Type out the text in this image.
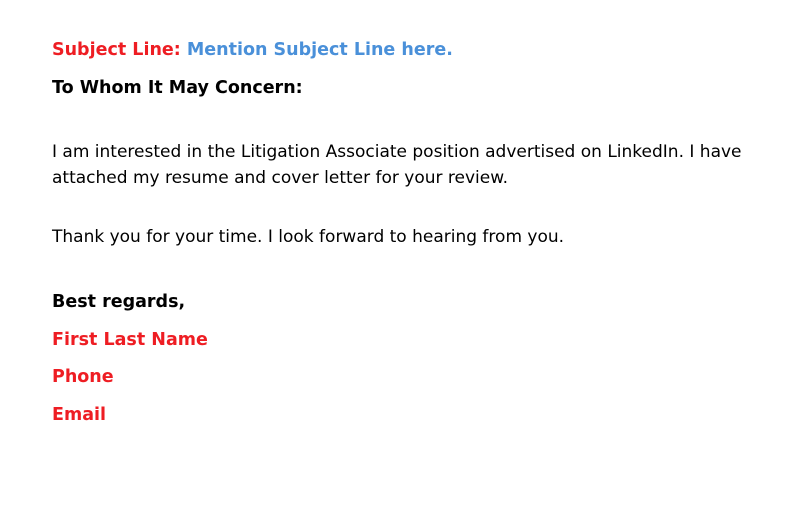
Subject Line: Mention Subject Line here.
To Whom It May Concern:
I am interested in the Litigation Associate position advertised on LinkedIn. I have attached my resume and cover letter for your review.
Thank you for your time. I look forward to hearing from you.
Best regards,
First Last Name
Phone
Email
